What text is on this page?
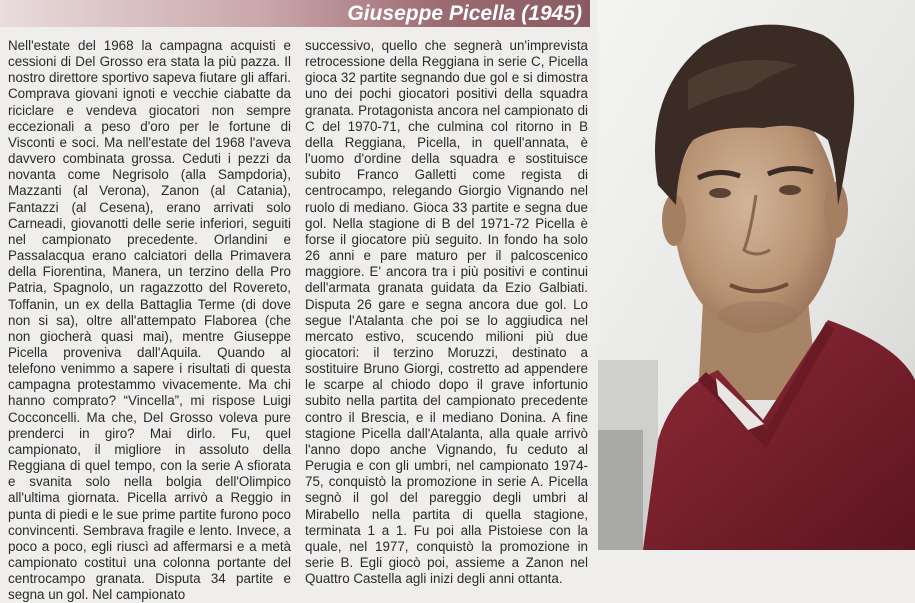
Giuseppe Picella (1945)
Nell'estate del 1968 la campagna acquisti e cessioni di Del Grosso era stata la più pazza. Il nostro direttore sportivo sapeva fiutare gli affari. Comprava giovani ignoti e vecchie ciabatte da riciclare e vendeva giocatori non sempre eccezionali a peso d'oro per le fortune di Visconti e soci. Ma nell'estate del 1968 l'aveva davvero combinata grossa. Ceduti i pezzi da novanta come Negrisolo (alla Sampdoria), Mazzanti (al Verona), Zanon (al Catania), Fantazzi (al Cesena), erano arrivati solo Carneadi, giovanotti delle serie inferiori, seguiti nel campionato precedente. Orlandini e Passalacqua erano calciatori della Primavera della Fiorentina, Manera, un terzino della Pro Patria, Spagnolo, un ragazzotto del Rovereto, Toffanin, un ex della Battaglia Terme (di dove non si sa), oltre all'attempato Flaborea (che non giocherà quasi mai), mentre Giuseppe Picella proveniva dall'Aquila. Quando al telefono venimmo a sapere i risultati di questa campagna protestammo vivacemente. Ma chi hanno comprato? “Vincella”, mi rispose Luigi Cocconcelli. Ma che, Del Grosso voleva pure prenderci in giro? Mai dirlo. Fu, quel campionato, il migliore in assoluto della Reggiana di quel tempo, con la serie A sfiorata e svanita solo nella bolgia dell'Olimpico all'ultima giornata. Picella arrivò a Reggio in punta di piedi e le sue prime partite furono poco convincenti. Sembrava fragile e lento. Invece, a poco a poco, egli riuscì ad affermarsi e a metà campionato costituì una colonna portante del centrocampo granata. Disputa 34 partite e segna un gol. Nel campionato
successivo, quello che segnerà un'imprevista retrocessione della Reggiana in serie C, Picella gioca 32 partite segnando due gol e si dimostra uno dei pochi giocatori positivi della squadra granata. Protagonista ancora nel campionato di C del 1970-71, che culmina col ritorno in B della Reggiana, Picella, in quell'annata, è l'uomo d'ordine della squadra e sostituisce subito Franco Galletti come regista di centrocampo, relegando Giorgio Vignando nel ruolo di mediano. Gioca 33 partite e segna due gol. Nella stagione di B del 1971-72 Picella è forse il giocatore più seguito. In fondo ha solo 26 anni e pare maturo per il palcoscenico maggiore. E' ancora tra i più positivi e continui dell'armata granata guidata da Ezio Galbiati. Disputa 26 gare e segna ancora due gol. Lo segue l'Atalanta che poi se lo aggiudica nel mercato estivo, scucendo milioni più due giocatori: il terzino Moruzzi, destinato a sostituire Bruno Giorgi, costretto ad appendere le scarpe al chiodo dopo il grave infortunio subito nella partita del campionato precedente contro il Brescia, e il mediano Donina. A fine stagione Picella dall'Atalanta, alla quale arrivò l'anno dopo anche Vignando, fu ceduto al Perugia e con gli umbri, nel campionato 1974-75, conquistò la promozione in serie A. Picella segnò il gol del pareggio degli umbri al Mirabello nella partita di quella stagione, terminata 1 a 1. Fu poi alla Pistoiese con la quale, nel 1977, conquistò la promozione in serie B. Egli giocò poi, assieme a Zanon nel Quattro Castella agli inizi degli anni ottanta.
